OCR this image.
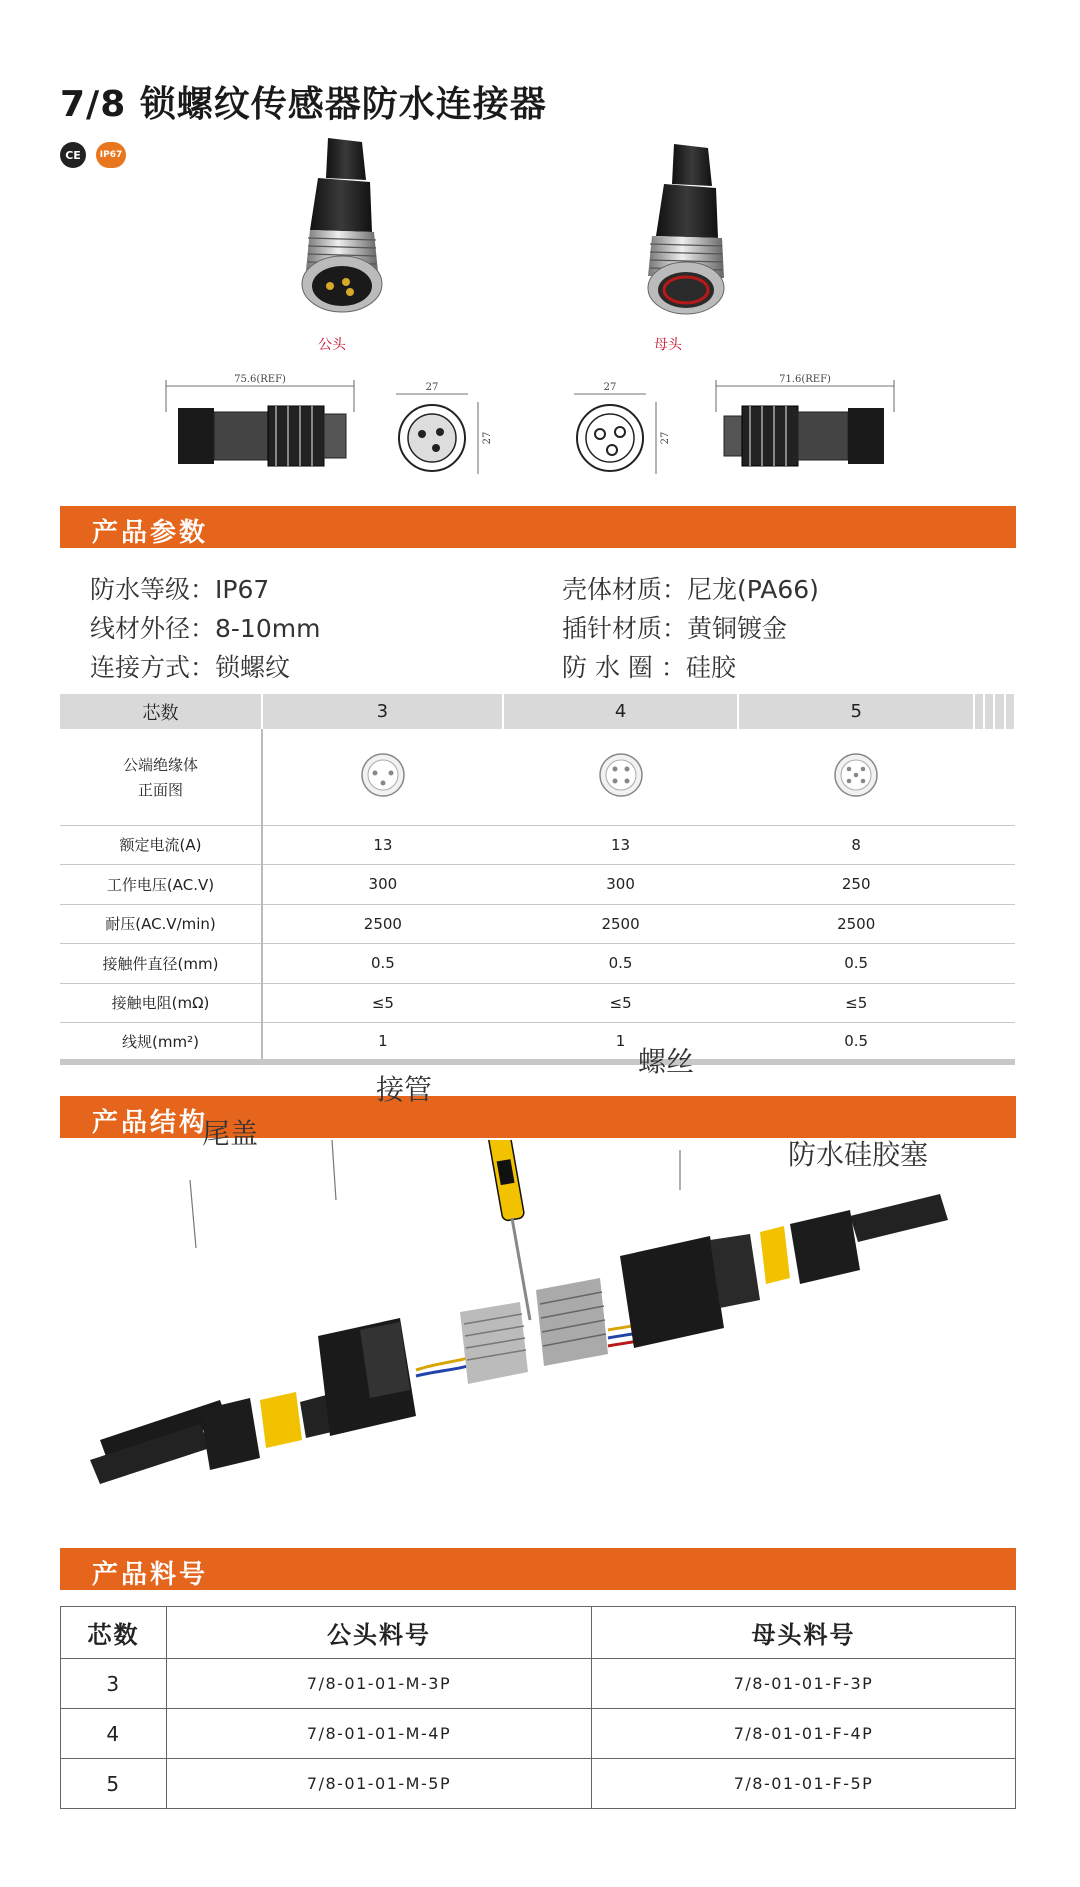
7/8 锁螺纹传感器防水连接器
CE	IP67
公头	母头
75.6(REF)
27
27
27
27
71.6(REF)
产品参数
防水等级：IP67	壳体材质：尼龙(PA66)
线材外径：8-10mm	插针材质：黄铜镀金
连接方式：锁螺纹	防 水 圈 ：硅胶
芯数	3	4	5				

公端绝缘体
正面图

额定电流(A)	13	13	8				
工作电压(AC.V)	300	300	250				
耐压(AC.V/min)	2500	2500	2500				
接触件直径(mm)	0.5	0.5	0.5				
接触电阻(mΩ)	≤5	≤5	≤5				
线规(mm²)	1	1	0.5				
产品结构
尾盖
接管
螺丝
防水硅胶塞
产品料号
芯数	公头料号	母头料号
3	7/8-01-01-M-3P	7/8-01-01-F-3P
4	7/8-01-01-M-4P	7/8-01-01-F-4P
5	7/8-01-01-M-5P	7/8-01-01-F-5P
